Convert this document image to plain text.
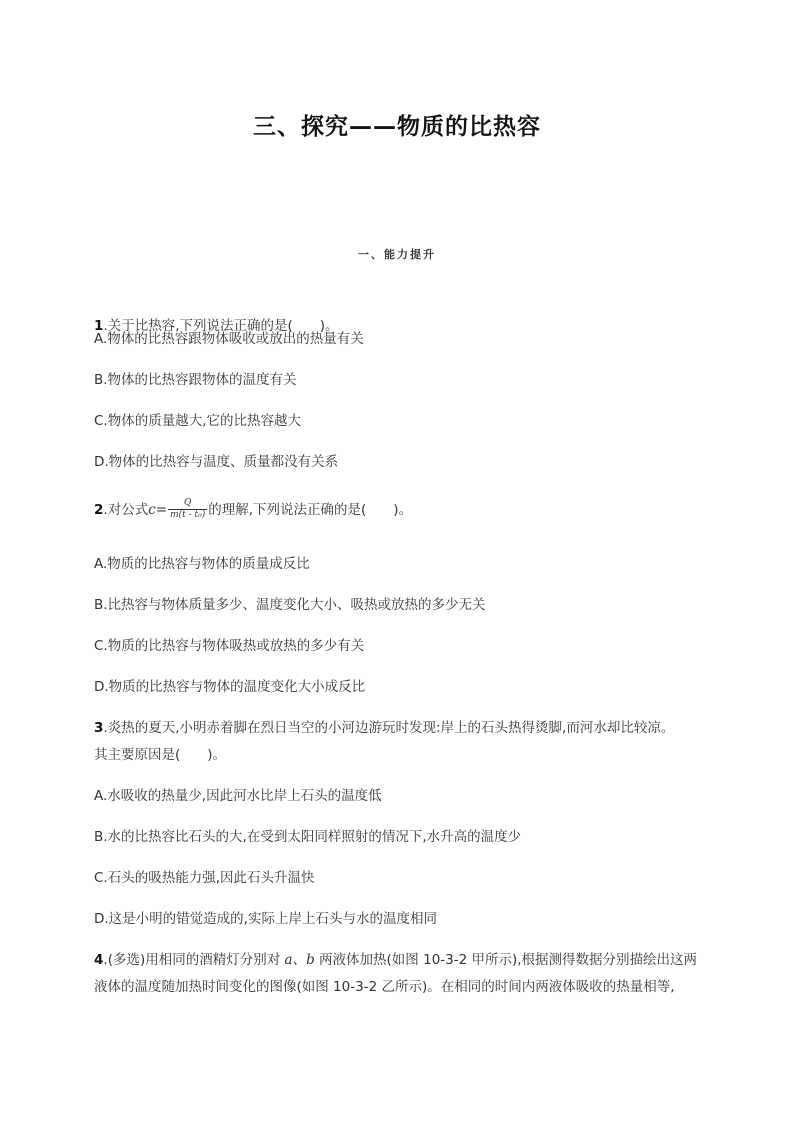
三、探究——物质的比热容
一、能力提升
1.关于比热容,下列说法正确的是(　　)。
A.物体的比热容跟物体吸收或放出的热量有关
B.物体的比热容跟物体的温度有关
C.物体的质量越大,它的比热容越大
D.物体的比热容与温度、质量都没有关系
2.对公式$c= \frac{Q}{\text{m(t - t₀)}}$ 的理解,下列说法正确的是(　　)。
A.物质的比热容与物体的质量成反比
B.比热容与物体质量多少、温度变化大小、吸热或放热的多少无关
C.物质的比热容与物体吸热或放热的多少有关
D.物质的比热容与物体的温度变化大小成反比
3.炎热的夏天,小明赤着脚在烈日当空的小河边游玩时发现:岸上的石头热得烫脚,而河水却比较凉。
其主要原因是(　　)。
A.水吸收的热量少,因此河水比岸上石头的温度低
B.水的比热容比石头的大,在受到太阳同样照射的情况下,水升高的温度少
C.石头的吸热能力强,因此石头升温快
D.这是小明的错觉造成的,实际上岸上石头与水的温度相同
4.(多选)用相同的酒精灯分别对 a、b 两液体加热(如图 10-3-2 甲所示),根据测得数据分别描绘出这两
液体的温度随加热时间变化的图像(如图 10-3-2 乙所示)。在相同的时间内两液体吸收的热量相等,
